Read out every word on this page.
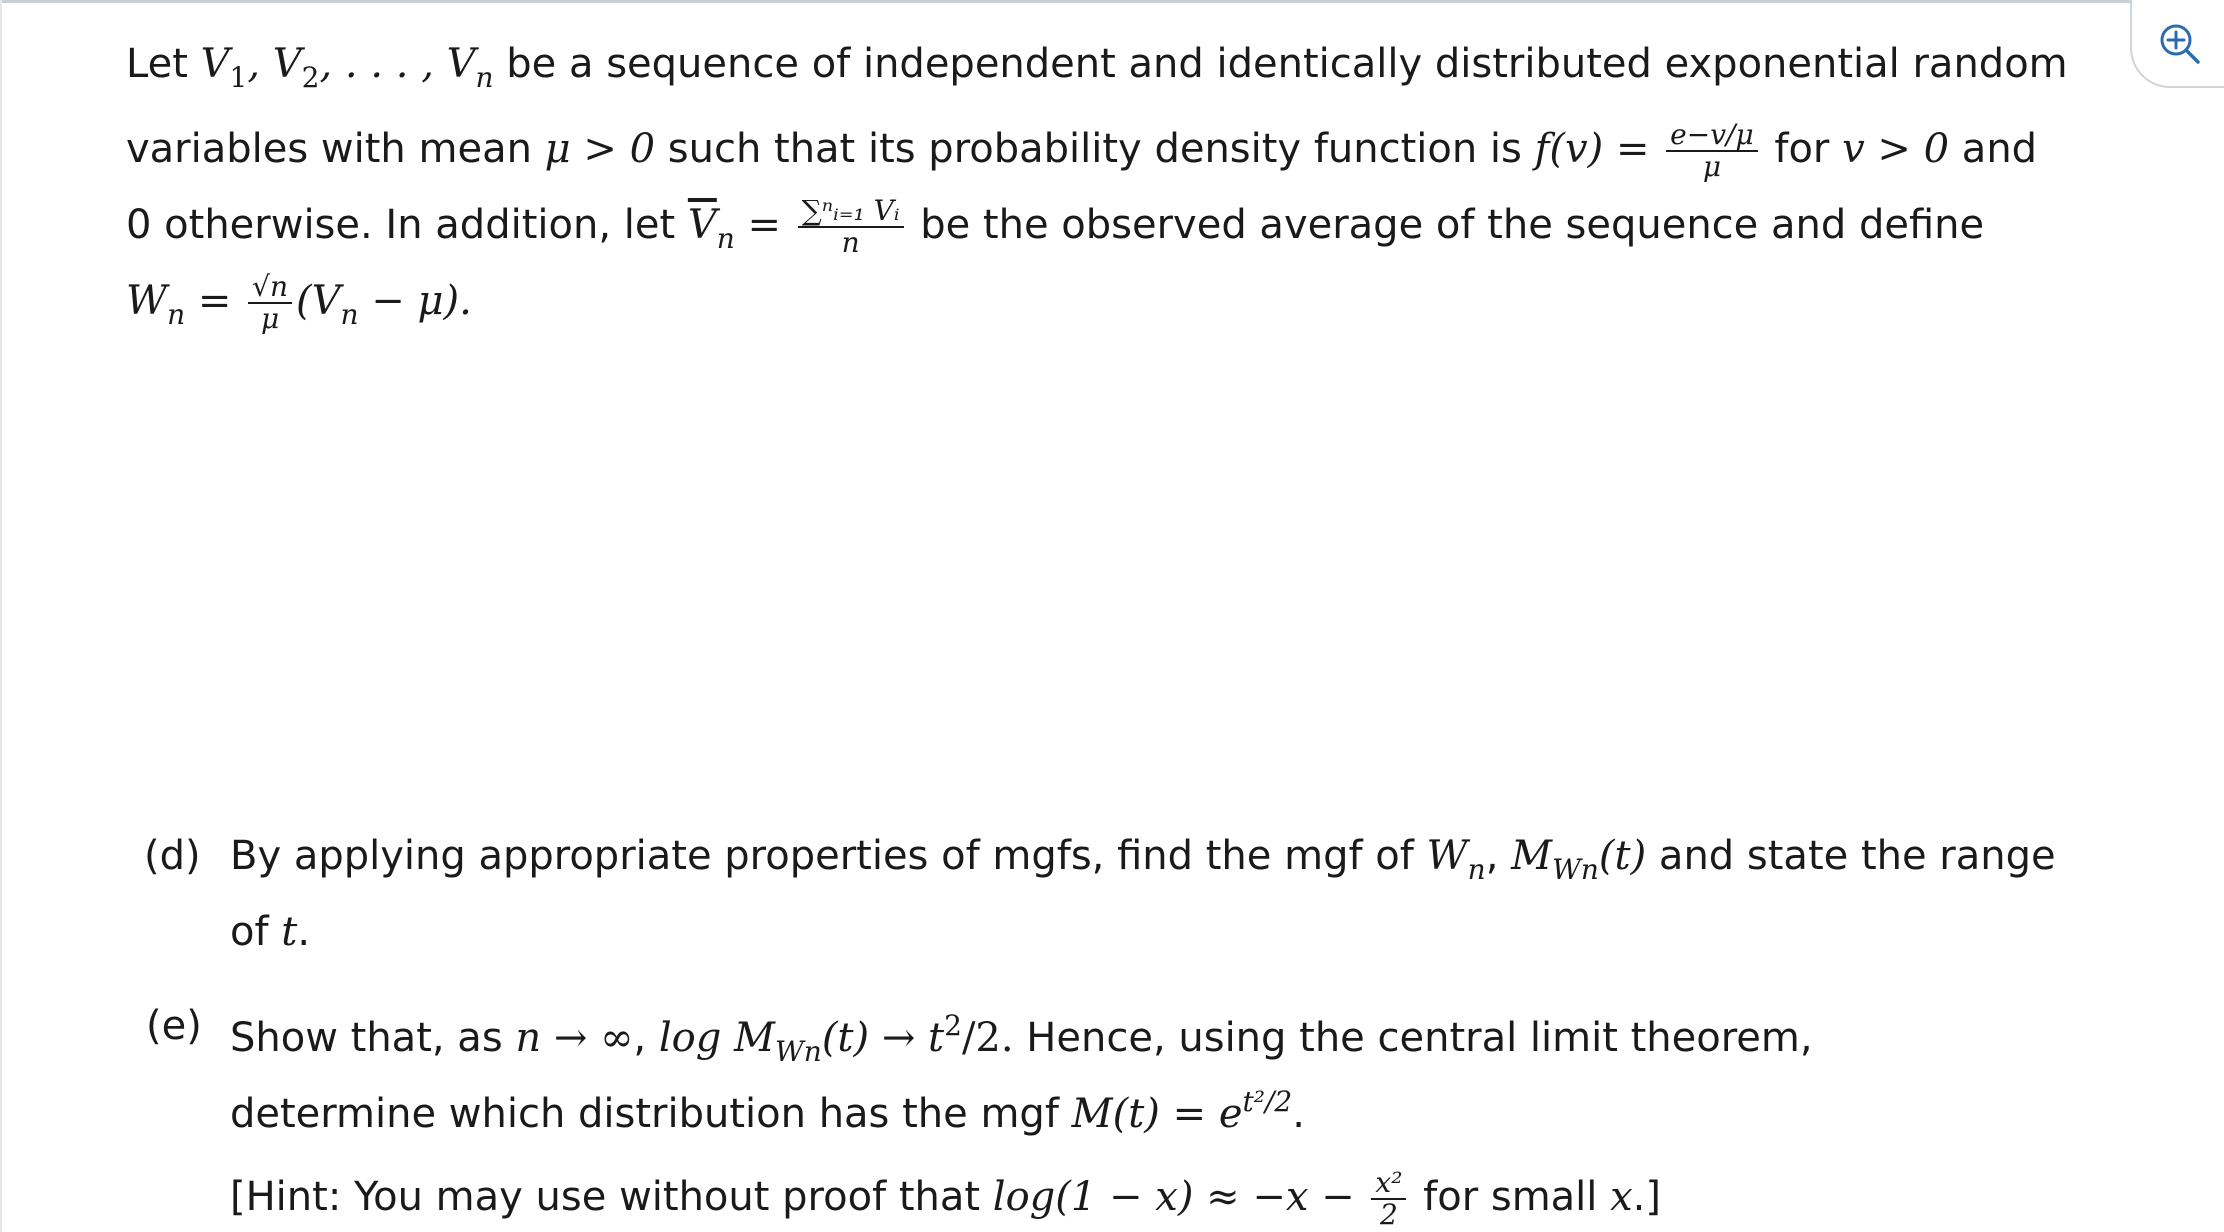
Let $V_1$, $V_2$, . . . , $V_n$ be a sequence of independent and identically distributed exponential random
variables with mean μ > 0 such that its probability density function is $f(v) = \frac{e-v/\mu}{\mu}$ for v > 0 and
0 otherwise. In addition, let $\overline{V}_n = \frac{\text{∑ⁿᵢ₌₁ Vᵢ}}{n}$ be the observed average of the sequence and define
$W_n = \frac{√n}{\mu} (V_n - \mu)$.
(d) By applying appropriate properties of mgfs, find the mgf of $W_n$, $M_{Wn}(t)$ and state the range
of t.
(e) Show that, as n → ∞, $\log M_{Wn}(t) \to t^2/2$. Hence, using the central limit theorem,
determine which distribution has the mgf $M(t) = e^{t^2/2}$.
[Hint: You may use without proof that $\log(1 - x) \approx -x - \frac{\text{x²}}{2}$ for small x.]
